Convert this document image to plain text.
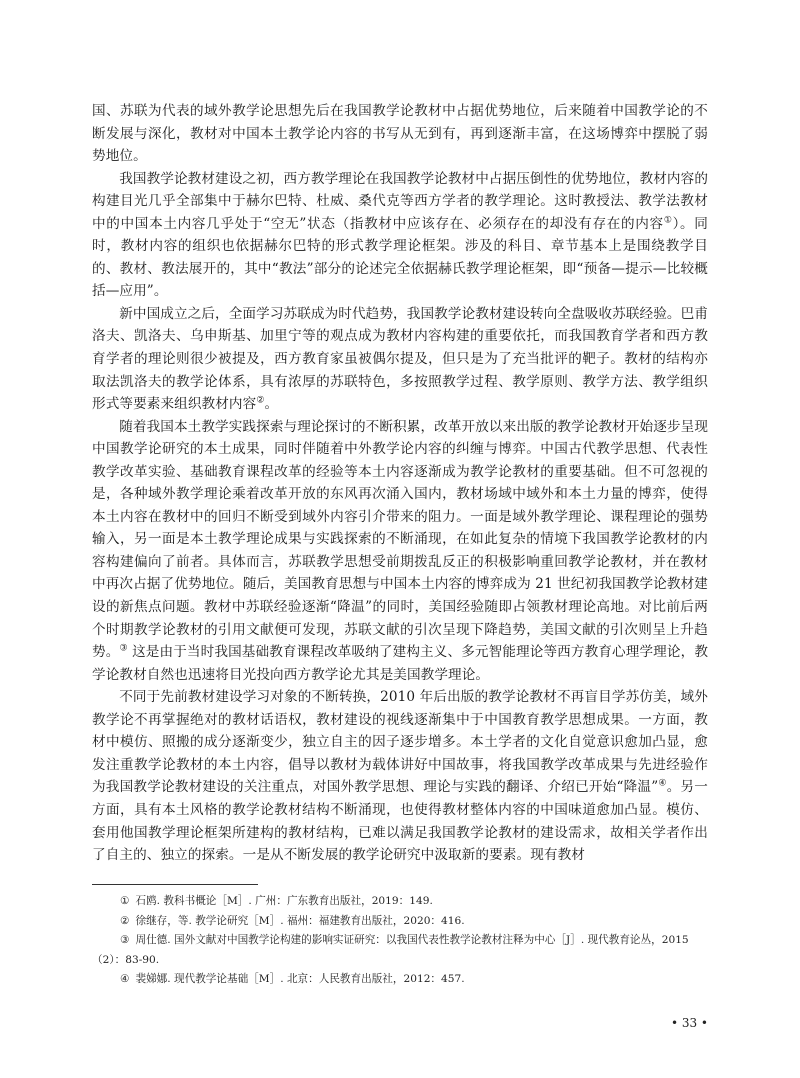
国、苏联为代表的域外教学论思想先后在我国教学论教材中占据优势地位，后来随着中国教学论的不断发展与深化，教材对中国本土教学论内容的书写从无到有，再到逐渐丰富，在这场博弈中摆脱了弱势地位。

我国教学论教材建设之初，西方教学理论在我国教学论教材中占据压倒性的优势地位，教材内容的构建目光几乎全部集中于赫尔巴特、杜威、桑代克等西方学者的教学理论。这时教授法、教学法教材中的中国本土内容几乎处于“空无”状态（指教材中应该存在、必须存在的却没有存在的内容①）。同时，教材内容的组织也依据赫尔巴特的形式教学理论框架。涉及的科目、章节基本上是围绕教学目的、教材、教法展开的，其中“教法”部分的论述完全依据赫氏教学理论框架，即“预备—提示—比较概括—应用”。

新中国成立之后，全面学习苏联成为时代趋势，我国教学论教材建设转向全盘吸收苏联经验。巴甫洛夫、凯洛夫、乌申斯基、加里宁等的观点成为教材内容构建的重要依托，而我国教育学者和西方教育学者的理论则很少被提及，西方教育家虽被偶尔提及，但只是为了充当批评的靶子。教材的结构亦取法凯洛夫的教学论体系，具有浓厚的苏联特色，多按照教学过程、教学原则、教学方法、教学组织形式等要素来组织教材内容②。

随着我国本土教学实践探索与理论探讨的不断积累，改革开放以来出版的教学论教材开始逐步呈现中国教学论研究的本土成果，同时伴随着中外教学论内容的纠缠与博弈。中国古代教学思想、代表性教学改革实验、基础教育课程改革的经验等本土内容逐渐成为教学论教材的重要基础。但不可忽视的是，各种域外教学理论乘着改革开放的东风再次涌入国内，教材场域中域外和本土力量的博弈，使得本土内容在教材中的回归不断受到域外内容引介带来的阻力。一面是域外教学理论、课程理论的强势输入，另一面是本土教学理论成果与实践探索的不断涌现，在如此复杂的情境下我国教学论教材的内容构建偏向了前者。具体而言，苏联教学思想受前期拨乱反正的积极影响重回教学论教材，并在教材中再次占据了优势地位。随后，美国教育思想与中国本土内容的博弈成为 21 世纪初我国教学论教材建设的新焦点问题。教材中苏联经验逐渐“降温”的同时，美国经验随即占领教材理论高地。对比前后两个时期教学论教材的引用文献便可发现，苏联文献的引次呈现下降趋势，美国文献的引次则呈上升趋势。③ 这是由于当时我国基础教育课程改革吸纳了建构主义、多元智能理论等西方教育心理学理论，教学论教材自然也迅速将目光投向西方教学论尤其是美国教学理论。

不同于先前教材建设学习对象的不断转换，2010 年后出版的教学论教材不再盲目学苏仿美，域外教学论不再掌握绝对的教材话语权，教材建设的视线逐渐集中于中国教育教学思想成果。一方面，教材中模仿、照搬的成分逐渐变少，独立自主的因子逐步增多。本土学者的文化自觉意识愈加凸显，愈发注重教学论教材的本土内容，倡导以教材为载体讲好中国故事，将我国教学改革成果与先进经验作为我国教学论教材建设的关注重点，对国外教学思想、理论与实践的翻译、介绍已开始“降温”④。另一方面，具有本土风格的教学论教材结构不断涌现，也使得教材整体内容的中国味道愈加凸显。模仿、套用他国教学理论框架所建构的教材结构，已难以满足我国教学论教材的建设需求，故相关学者作出了自主的、独立的探索。一是从不断发展的教学论研究中汲取新的要素。现有教材

① 石鸥. 教科书概论［M］. 广州：广东教育出版社，2019：149.

② 徐继存，等. 教学论研究［M］. 福州：福建教育出版社，2020：416.

③ 周仕德. 国外文献对中国教学论构建的影响实证研究：以我国代表性教学论教材注释为中心［J］. 现代教育论丛，2015（2）：83-90.

④ 裴娣娜. 现代教学论基础［M］. 北京：人民教育出版社，2012：457.

• 33 •
